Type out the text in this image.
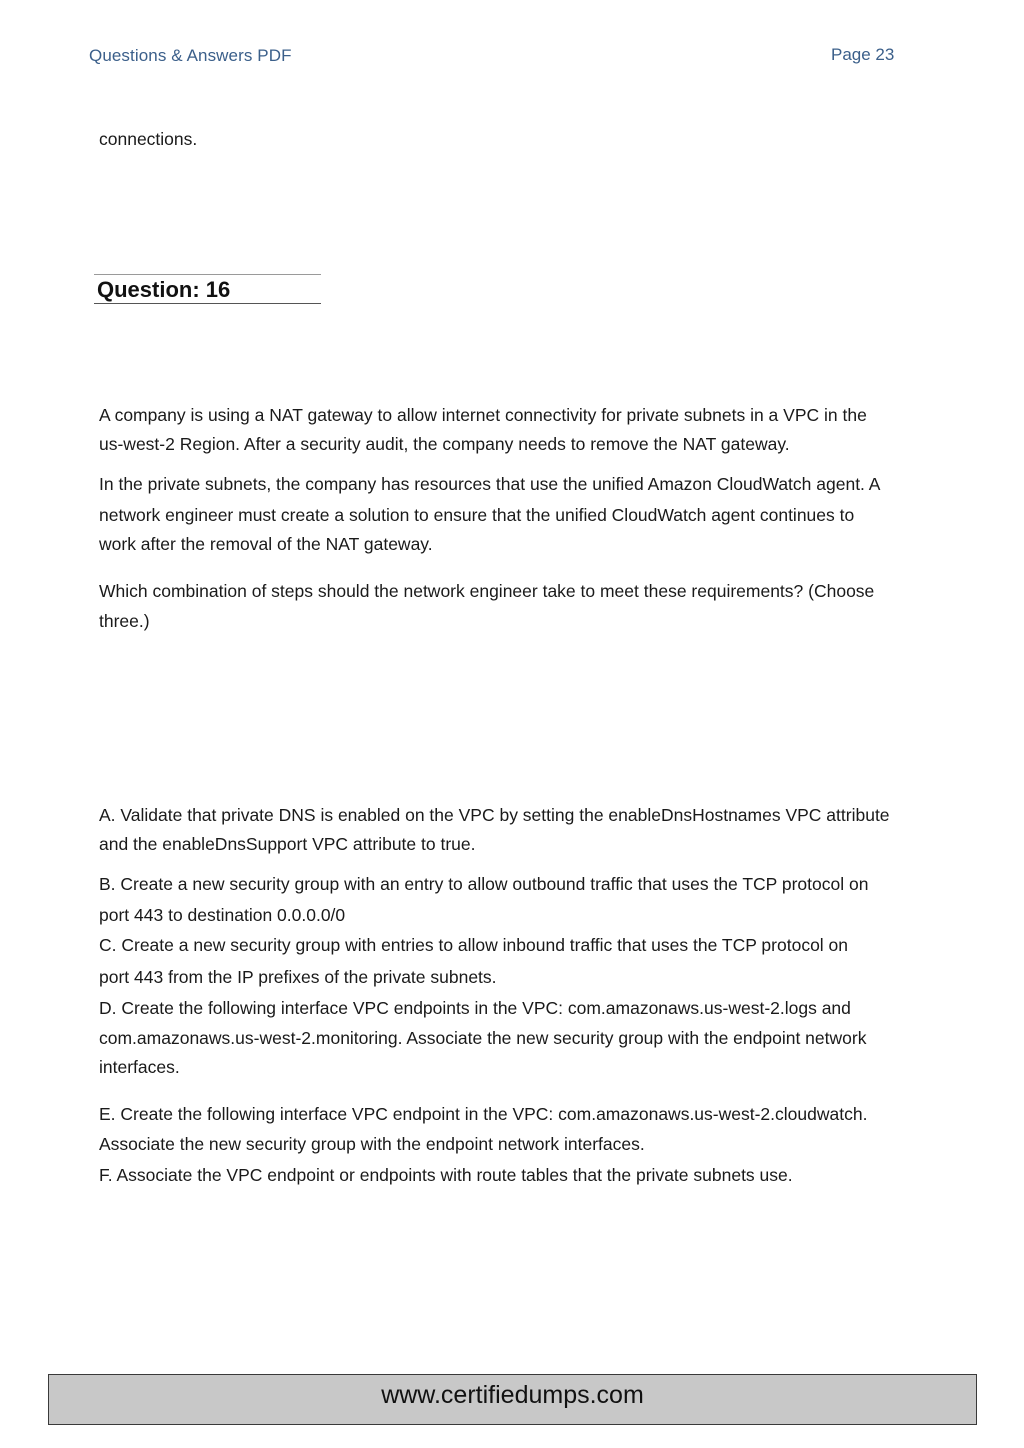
Questions & Answers PDF	Page 23
connections.
Question: 16
A company is using a NAT gateway to allow internet connectivity for private subnets in a VPC in the
us-west-2 Region. After a security audit, the company needs to remove the NAT gateway.
In the private subnets, the company has resources that use the unified Amazon CloudWatch agent. A
network engineer must create a solution to ensure that the unified CloudWatch agent continues to
work after the removal of the NAT gateway.
Which combination of steps should the network engineer take to meet these requirements? (Choose
three.)
A. Validate that private DNS is enabled on the VPC by setting the enableDnsHostnames VPC attribute
and the enableDnsSupport VPC attribute to true.
B. Create a new security group with an entry to allow outbound traffic that uses the TCP protocol on
port 443 to destination 0.0.0.0/0
C. Create a new security group with entries to allow inbound traffic that uses the TCP protocol on
port 443 from the IP prefixes of the private subnets.
D. Create the following interface VPC endpoints in the VPC: com.amazonaws.us-west-2.logs and
com.amazonaws.us-west-2.monitoring. Associate the new security group with the endpoint network
interfaces.
E. Create the following interface VPC endpoint in the VPC: com.amazonaws.us-west-2.cloudwatch.
Associate the new security group with the endpoint network interfaces.
F. Associate the VPC endpoint or endpoints with route tables that the private subnets use.
www.certifiedumps.com
